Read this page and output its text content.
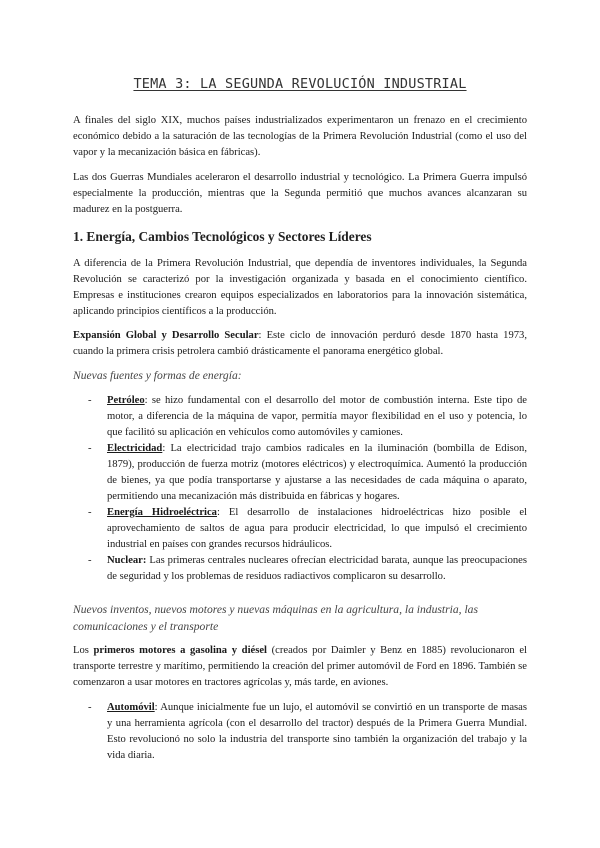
TEMA 3: LA SEGUNDA REVOLUCIÓN INDUSTRIAL

A finales del siglo XIX, muchos países industrializados experimentaron un frenazo en el crecimiento económico debido a la saturación de las tecnologías de la Primera Revolución Industrial (como el uso del vapor y la mecanización básica en fábricas).

Las dos Guerras Mundiales aceleraron el desarrollo industrial y tecnológico. La Primera Guerra impulsó especialmente la producción, mientras que la Segunda permitió que muchos avances alcanzaran su madurez en la postguerra.

1. Energía, Cambios Tecnológicos y Sectores Líderes

A diferencia de la Primera Revolución Industrial, que dependía de inventores individuales, la Segunda Revolución se caracterizó por la investigación organizada y basada en el conocimiento científico. Empresas e instituciones crearon equipos especializados en laboratorios para la innovación sistemática, aplicando principios científicos a la producción.

Expansión Global y Desarrollo Secular: Este ciclo de innovación perduró desde 1870 hasta 1973, cuando la primera crisis petrolera cambió drásticamente el panorama energético global.

Nuevas fuentes y formas de energía:

- Petróleo: se hizo fundamental con el desarrollo del motor de combustión interna. Este tipo de motor, a diferencia de la máquina de vapor, permitía mayor flexibilidad en el uso y potencia, lo que facilitó su aplicación en vehículos como automóviles y camiones.

- Electricidad: La electricidad trajo cambios radicales en la iluminación (bombilla de Edison, 1879), producción de fuerza motriz (motores eléctricos) y electroquímica. Aumentó la producción de bienes, ya que podía transportarse y ajustarse a las necesidades de cada máquina o aparato, permitiendo una mecanización más distribuida en fábricas y hogares.

- Energía Hidroeléctrica: El desarrollo de instalaciones hidroeléctricas hizo posible el aprovechamiento de saltos de agua para producir electricidad, lo que impulsó el crecimiento industrial en países con grandes recursos hidráulicos.

- Nuclear: Las primeras centrales nucleares ofrecían electricidad barata, aunque las preocupaciones de seguridad y los problemas de residuos radiactivos complicaron su desarrollo.

Nuevos inventos, nuevos motores y nuevas máquinas en la agricultura, la industria, las comunicaciones y el transporte

Los primeros motores a gasolina y diésel (creados por Daimler y Benz en 1885) revolucionaron el transporte terrestre y marítimo, permitiendo la creación del primer automóvil de Ford en 1896. También se comenzaron a usar motores en tractores agrícolas y, más tarde, en aviones.

- Automóvil: Aunque inicialmente fue un lujo, el automóvil se convirtió en un transporte de masas y una herramienta agrícola (con el desarrollo del tractor) después de la Primera Guerra Mundial. Esto revolucionó no solo la industria del transporte sino también la organización del trabajo y la vida diaria.
